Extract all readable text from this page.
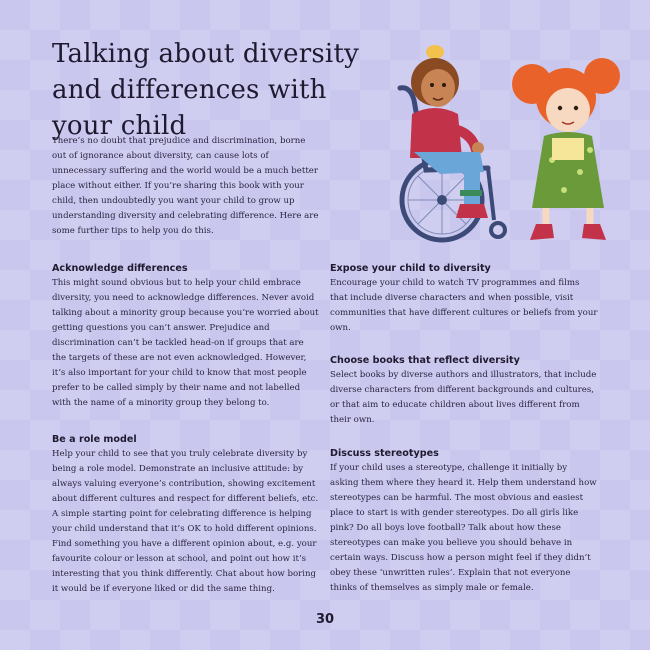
Talking about diversity and differences with your child

There’s no doubt that prejudice and discrimination, borne out of ignorance about diversity, can cause lots of unnecessary suffering and the world would be a much better place without either. If you’re sharing this book with your child, then undoubtedly you want your child to grow up understanding diversity and celebrating difference. Here are some further tips to help you do this.

Acknowledge differences

This might sound obvious but to help your child embrace diversity, you need to acknowledge differences. Never avoid talking about a minority group because you’re worried about getting questions you can’t answer. Prejudice and discrimination can’t be tackled head-on if groups that are the targets of these are not even acknowledged. However, it’s also important for your child to know that most people prefer to be called simply by their name and not labelled with the name of a minority group they belong to.

Be a role model

Help your child to see that you truly celebrate diversity by being a role model. Demonstrate an inclusive attitude: by always valuing everyone’s contribution, showing excitement about different cultures and respect for different beliefs, etc. A simple starting point for celebrating difference is helping your child understand that it’s OK to hold different opinions. Find something you have a different opinion about, e.g. your favourite colour or lesson at school, and point out how it’s interesting that you think differently. Chat about how boring it would be if everyone liked or did the same thing.

Expose your child to diversity

Encourage your child to watch TV programmes and films that include diverse characters and when possible, visit communities that have different cultures or beliefs from your own.

Choose books that reflect diversity

Select books by diverse authors and illustrators, that include diverse characters from different backgrounds and cultures, or that aim to educate children about lives different from their own.

Discuss stereotypes

If your child uses a stereotype, challenge it initially by asking them where they heard it. Help them understand how stereotypes can be harmful. The most obvious and easiest place to start is with gender stereotypes. Do all girls like pink? Do all boys love football? Talk about how these stereotypes can make you believe you should behave in certain ways. Discuss how a person might feel if they didn’t obey these ‘unwritten rules’. Explain that not everyone thinks of themselves as simply male or female.

30
